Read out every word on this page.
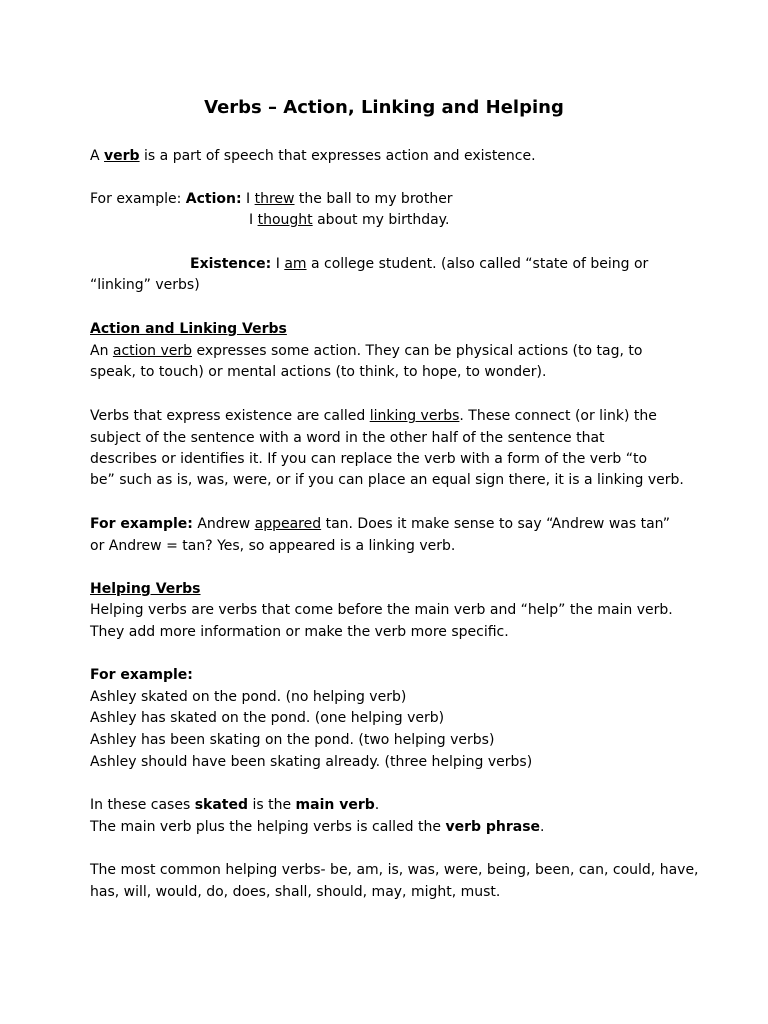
Verbs – Action, Linking and Helping
A verb is a part of speech that expresses action and existence.
For example: Action: I threw the ball to my brother
I thought about my birthday.
Existence: I am a college student. (also called “state of being or
“linking” verbs)
Action and Linking Verbs
An action verb expresses some action. They can be physical actions (to tag, to
speak, to touch) or mental actions (to think, to hope, to wonder).
Verbs that express existence are called linking verbs. These connect (or link) the
subject of the sentence with a word in the other half of the sentence that
describes or identifies it. If you can replace the verb with a form of the verb “to
be” such as is, was, were, or if you can place an equal sign there, it is a linking verb.
For example: Andrew appeared tan. Does it make sense to say “Andrew was tan”
or Andrew = tan? Yes, so appeared is a linking verb.
Helping Verbs
Helping verbs are verbs that come before the main verb and “help” the main verb.
They add more information or make the verb more specific.
For example:
Ashley skated on the pond. (no helping verb)
Ashley has skated on the pond. (one helping verb)
Ashley has been skating on the pond. (two helping verbs)
Ashley should have been skating already. (three helping verbs)
In these cases skated is the main verb.
The main verb plus the helping verbs is called the verb phrase.
The most common helping verbs- be, am, is, was, were, being, been, can, could, have,
has, will, would, do, does, shall, should, may, might, must.
